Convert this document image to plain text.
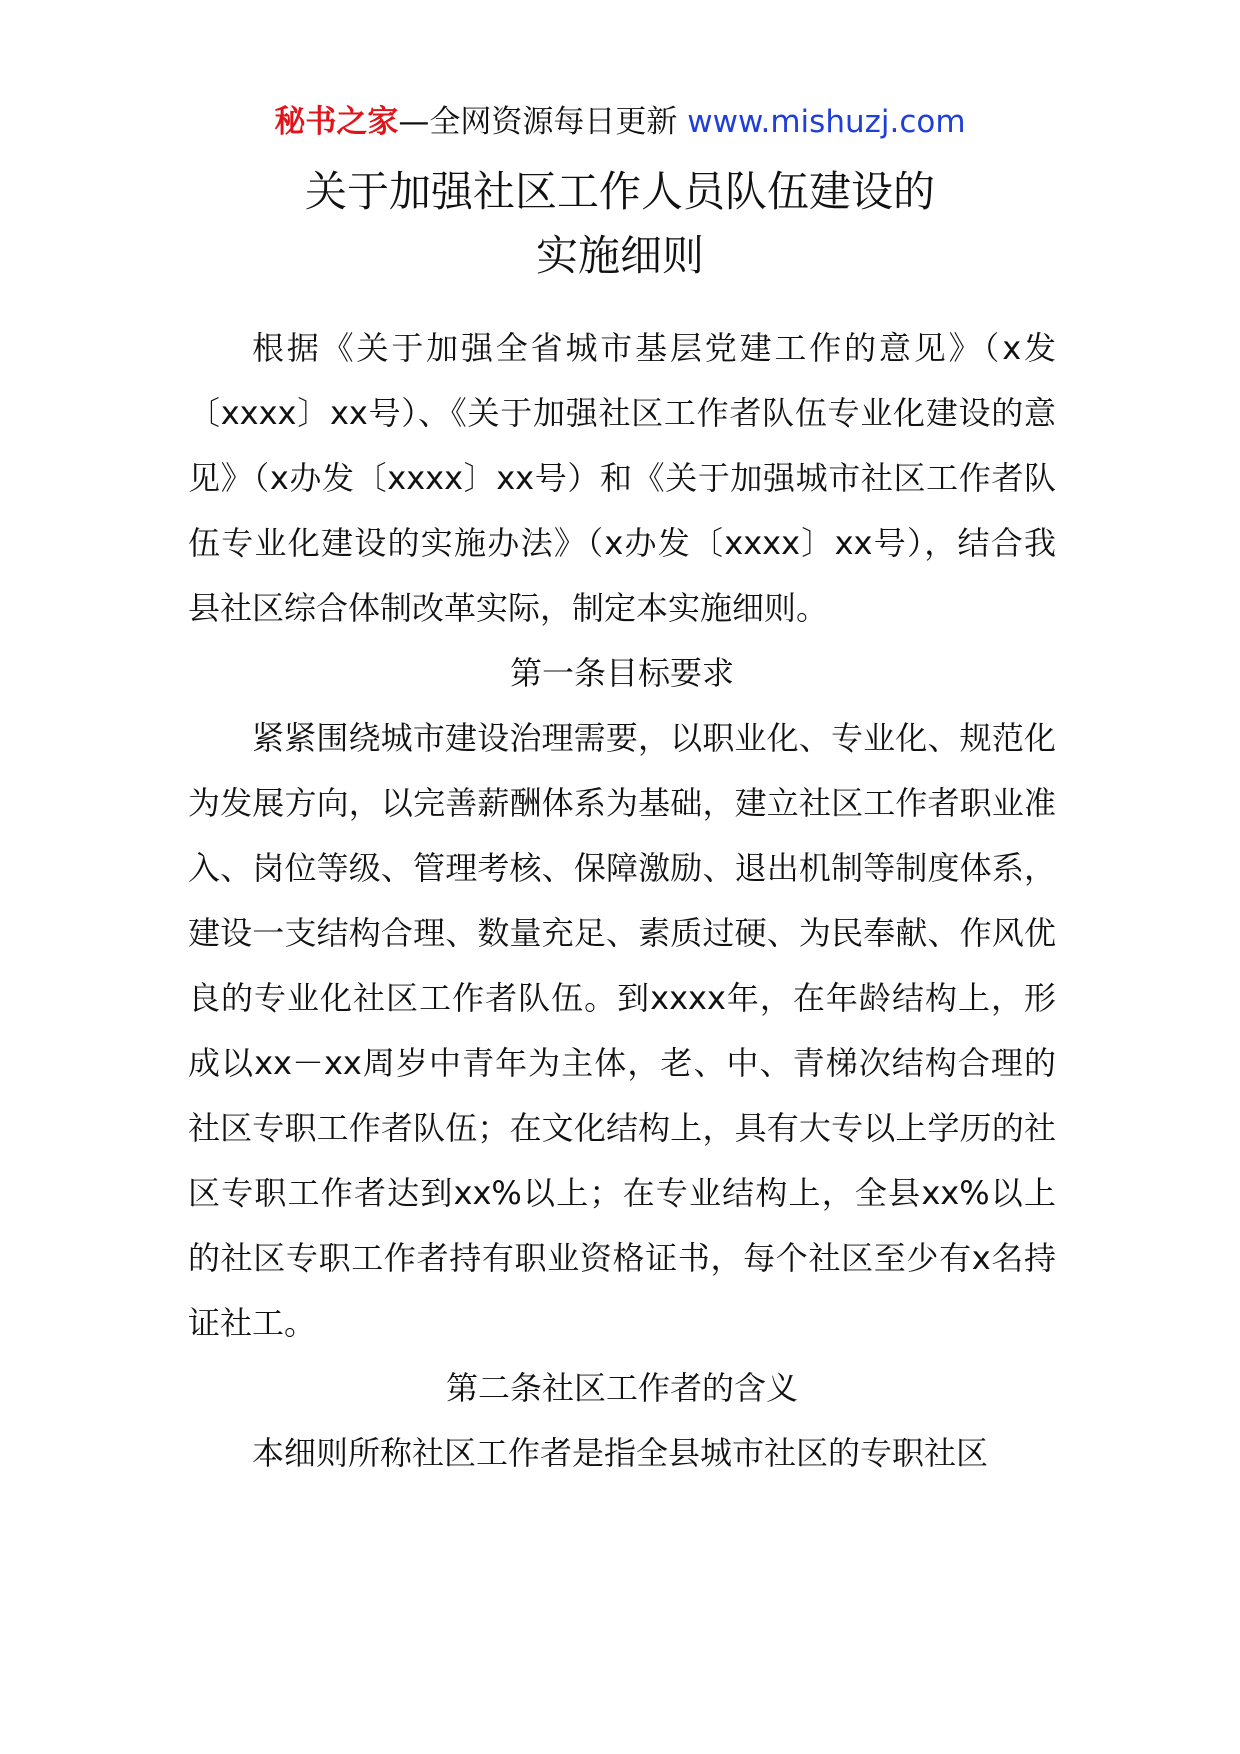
秘书之家—全网资源每日更新 www.mishuzj.com
关于加强社区工作人员队伍建设的
实施细则

根据《关于加强全省城市基层党建工作的意见》（x发〔xxxx〕xx号）、《关于加强社区工作者队伍专业化建设的意见》（x办发〔xxxx〕xx号）和《关于加强城市社区工作者队伍专业化建设的实施办法》（x办发〔xxxx〕xx号），结合我县社区综合体制改革实际，制定本实施细则。

第一条目标要求

紧紧围绕城市建设治理需要，以职业化、专业化、规范化为发展方向，以完善薪酬体系为基础，建立社区工作者职业准入、岗位等级、管理考核、保障激励、退出机制等制度体系，建设一支结构合理、数量充足、素质过硬、为民奉献、作风优良的专业化社区工作者队伍。到xxxx年，在年龄结构上，形成以xx－xx周岁中青年为主体，老、中、青梯次结构合理的社区专职工作者队伍；在文化结构上，具有大专以上学历的社区专职工作者达到xx%以上；在专业结构上，全县xx%以上的社区专职工作者持有职业资格证书，每个社区至少有x名持证社工。

第二条社区工作者的含义

本细则所称社区工作者是指全县城市社区的专职社区
